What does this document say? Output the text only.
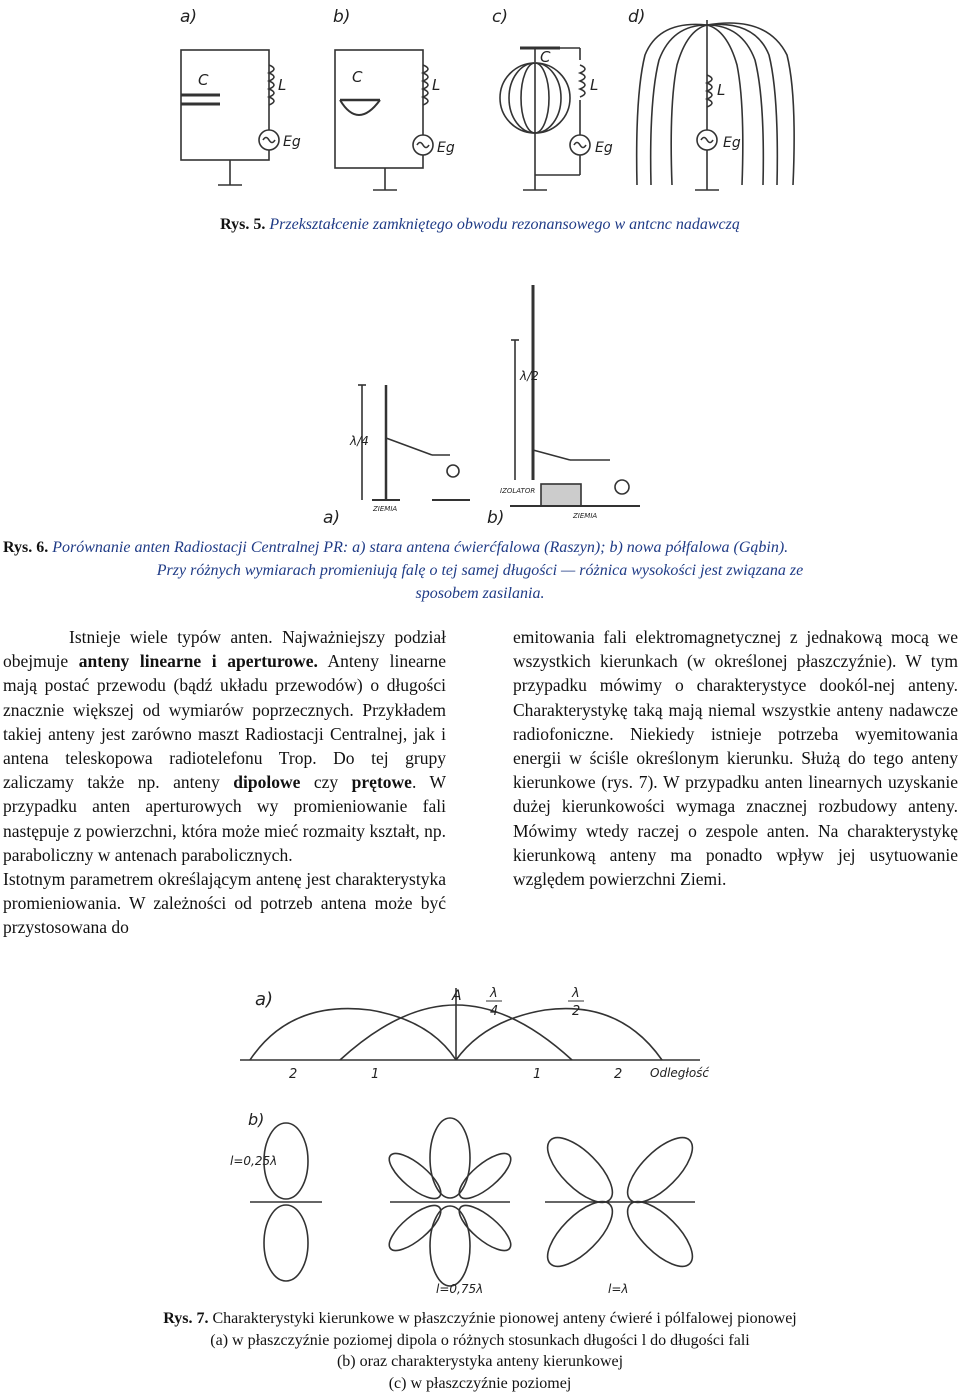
a)	b)	c)	d)
C	L
Eg
C	L
Eg
C
L
Eg
L
Eg
Rys. 5. Przekształcenie zamkniętego obwodu rezonansowego w antcnc nadawczą
λ/4
a)	ZIEMIA
λ/2
IZOLATOR
b)	ZIEMIA
Rys. 6. Porównanie anten Radiostacji Centralnej PR: a) stara antena ćwierćfalowa (Raszyn); b) nowa półfalowa (Gąbin).
Przy różnych wymiarach promieniują falę o tej samej długości — różnica wysokości jest związana ze
sposobem zasilania.

Istnieje wiele typów anten. Najważniejszy podział obejmuje anteny linearne i aperturowe. Anteny linearne mają postać przewodu (bądź układu przewodów) o długości znacznie większej od wymiarów poprzecznych. Przykładem takiej anteny jest zarówno maszt Radiostacji Centralnej, jak i antena teleskopowa radiotelefonu Trop. Do tej grupy zaliczamy także np. anteny dipolowe czy prętowe. W przypadku anten aperturowych wy promieniowanie fali następuje z powierzchni, która może mieć rozmaity kształt, np. paraboliczny w antenach parabolicznych.

Istotnym parametrem określającym antenę jest charakterystyka promieniowania. W zależności od potrzeb antena może być przystosowana do

emitowania fali elektromagnetycznej z jednakową mocą we wszystkich kierunkach (w określonej płaszczyźnie). W tym przypadku mówimy o charakterystyce dookól-nej anteny. Charakterystykę taką mają niemal wszystkie anteny nadawcze radiofoniczne. Niekiedy istnieje potrzeba wyemitowania energii w ściśle określonym kierunku. Służą do tego anteny kierunkowe (rys. 7). W przypadku anten linearnych uzyskanie dużej kierunkowości wymaga znacznej rozbudowy anteny. Mówimy wtedy raczej o zespole anten. Na charakterystykę kierunkową anteny ma ponadto wpływ jej usytuowanie względem powierzchni Ziemi.

a)	A λ
4
λ
2
2	1	1	2 Odległość
b)
l=0,25λ
l=0,75λ	l=λ
Rys. 7. Charakterystyki kierunkowe w płaszczyźnie pionowej anteny ćwieré i pólfalowej pionowej
(a) w płaszczyźnie poziomej dipola o różnych stosunkach długości l do długości fali
(b) oraz charakterystyka anteny kierunkowej
(c) w płaszczyźnie poziomej
